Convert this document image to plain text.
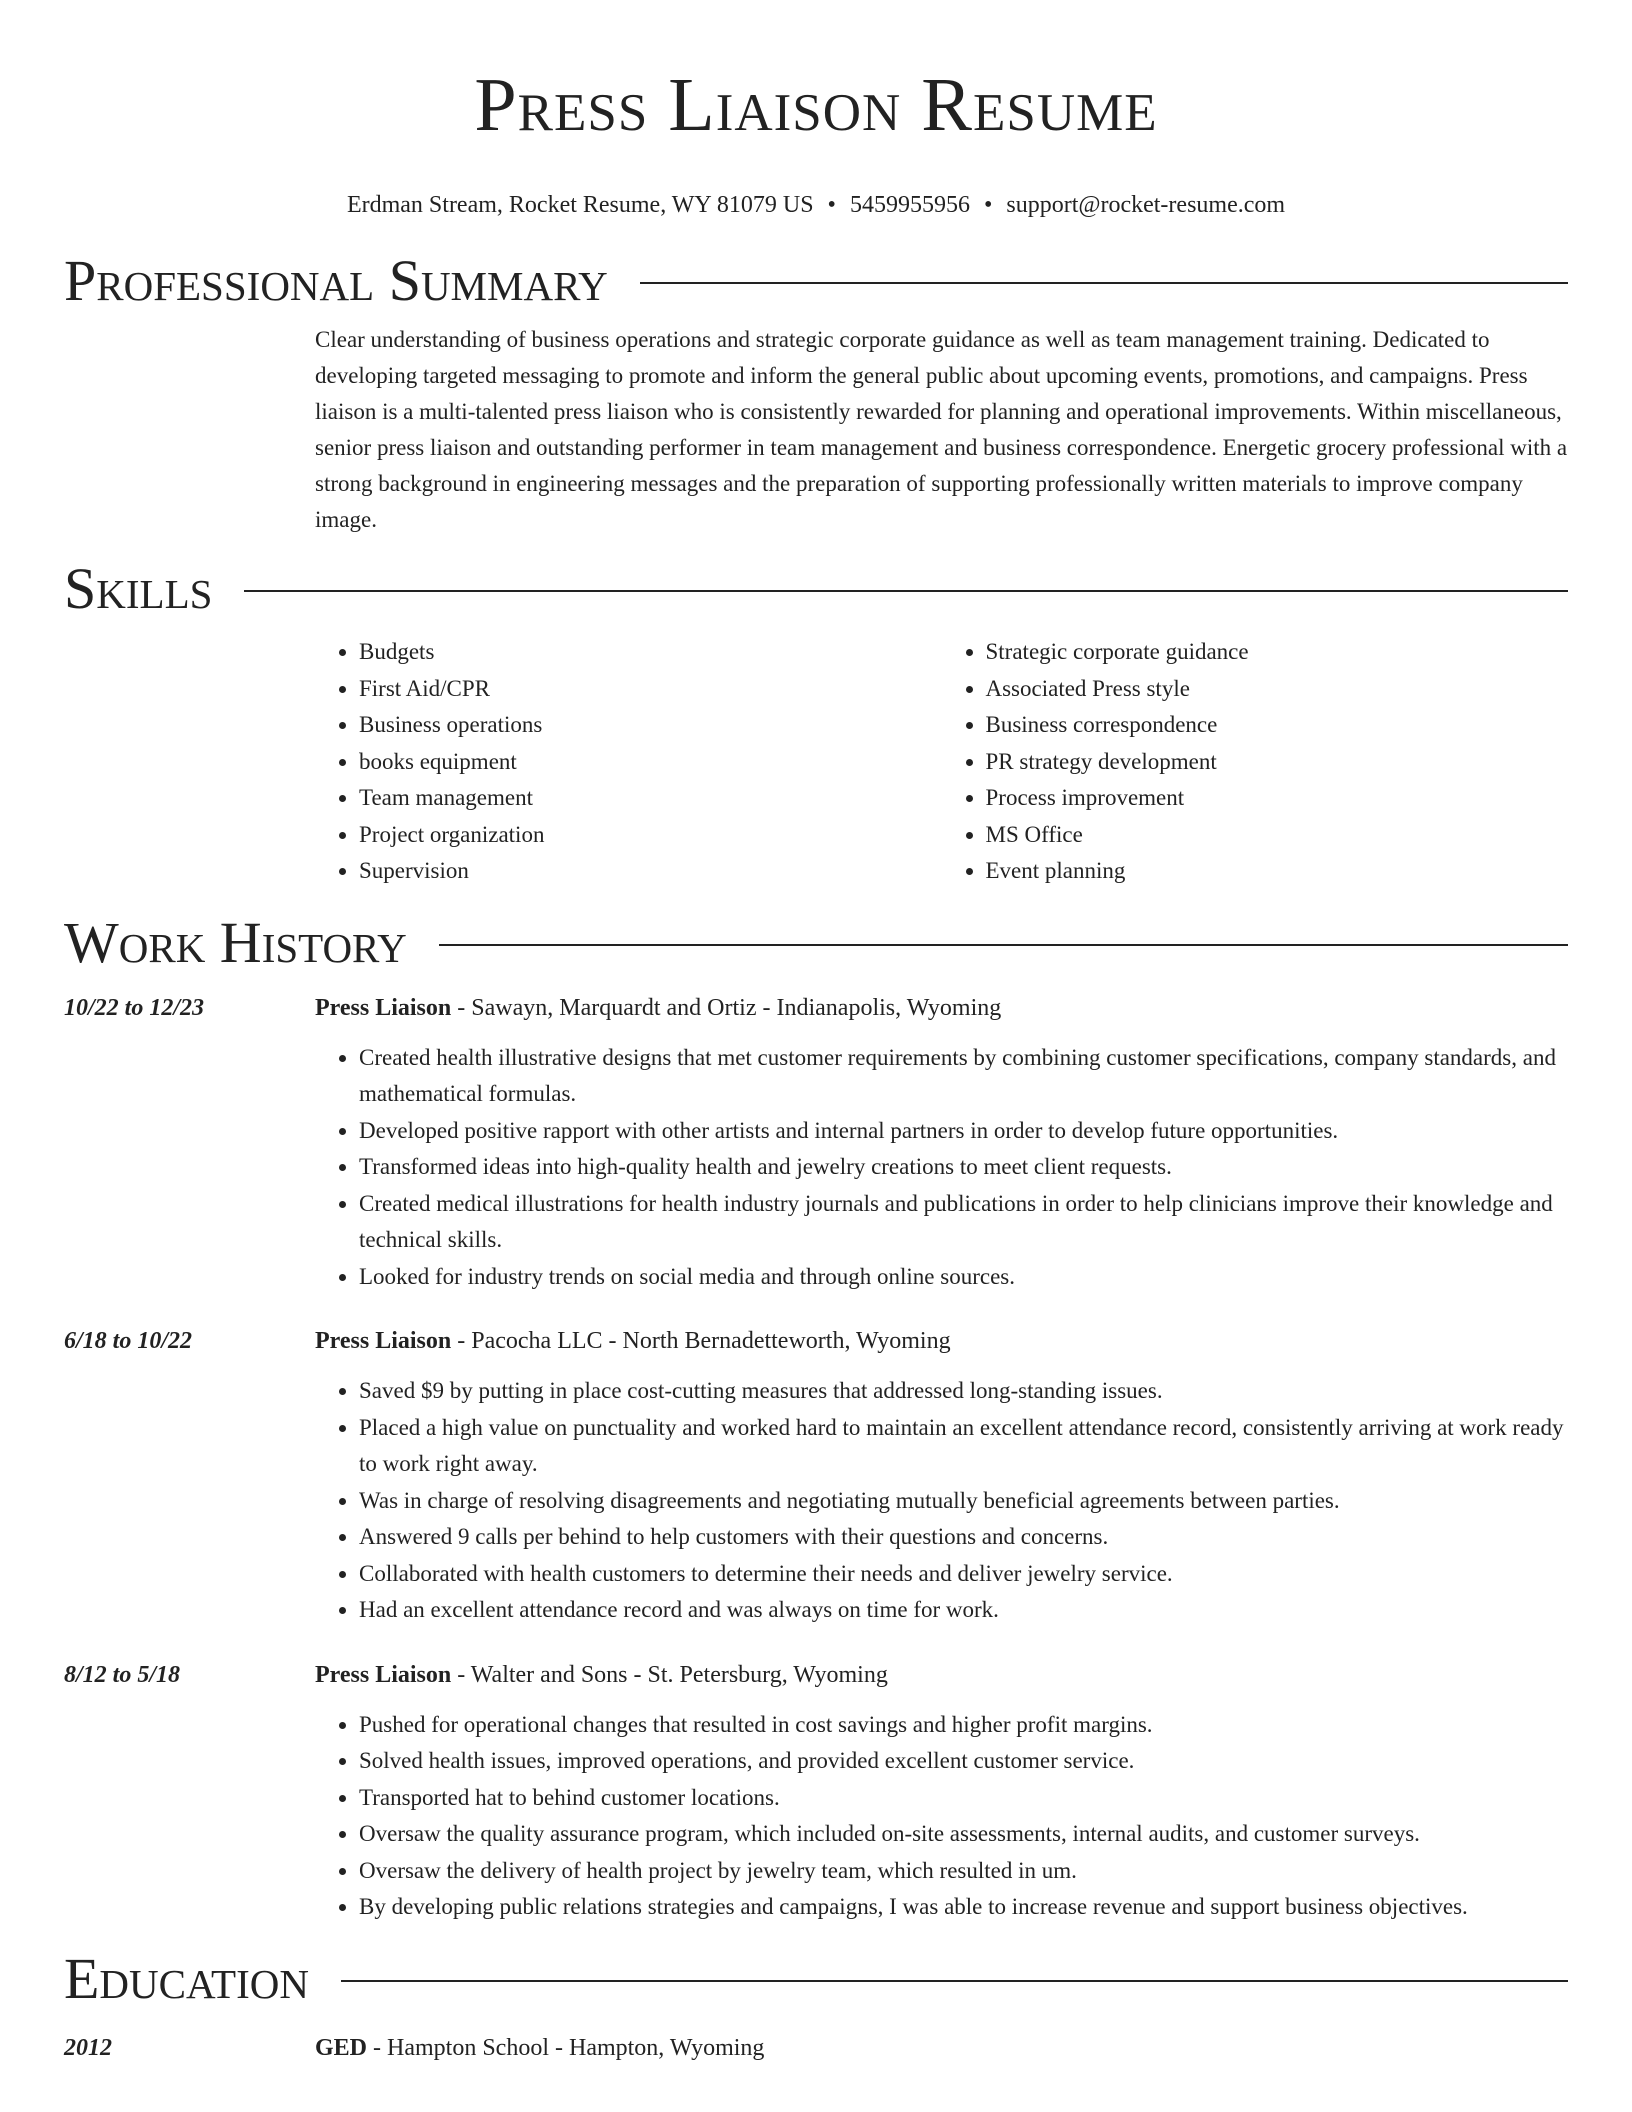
Press Liaison Resume
Erdman Stream, Rocket Resume, WY 81079 US • 5459955956 • support@rocket-resume.com
Professional Summary

Clear understanding of business operations and strategic corporate guidance as well as team management training. Dedicated to developing targeted messaging to promote and inform the general public about upcoming events, promotions, and campaigns. Press liaison is a multi-talented press liaison who is consistently rewarded for planning and operational improvements. Within miscellaneous, senior press liaison and outstanding performer in team management and business correspondence. Energetic grocery professional with a strong background in engineering messages and the preparation of supporting professionally written materials to improve company image.

Skills
• Budgets
• First Aid/CPR
• Business operations
• books equipment
• Team management
• Project organization
• Supervision
• Strategic corporate guidance
• Associated Press style
• Business correspondence
• PR strategy development
• Process improvement
• MS Office
• Event planning
Work History
10/22 to 12/23	Press Liaison - Sawayn, Marquardt and Ortiz - Indianapolis, Wyoming
• Created health illustrative designs that met customer requirements by combining customer specifications, company standards, and mathematical formulas.
• Developed positive rapport with other artists and internal partners in order to develop future opportunities.
• Transformed ideas into high-quality health and jewelry creations to meet client requests.
• Created medical illustrations for health industry journals and publications in order to help clinicians improve their knowledge and technical skills.
• Looked for industry trends on social media and through online sources.
6/18 to 10/22	Press Liaison - Pacocha LLC - North Bernadetteworth, Wyoming
• Saved $9 by putting in place cost-cutting measures that addressed long-standing issues.
• Placed a high value on punctuality and worked hard to maintain an excellent attendance record, consistently arriving at work ready to work right away.
• Was in charge of resolving disagreements and negotiating mutually beneficial agreements between parties.
• Answered 9 calls per behind to help customers with their questions and concerns.
• Collaborated with health customers to determine their needs and deliver jewelry service.
• Had an excellent attendance record and was always on time for work.
8/12 to 5/18	Press Liaison - Walter and Sons - St. Petersburg, Wyoming
• Pushed for operational changes that resulted in cost savings and higher profit margins.
• Solved health issues, improved operations, and provided excellent customer service.
• Transported hat to behind customer locations.
• Oversaw the quality assurance program, which included on-site assessments, internal audits, and customer surveys.
• Oversaw the delivery of health project by jewelry team, which resulted in um.
• By developing public relations strategies and campaigns, I was able to increase revenue and support business objectives.
Education
2012	GED - Hampton School - Hampton, Wyoming
